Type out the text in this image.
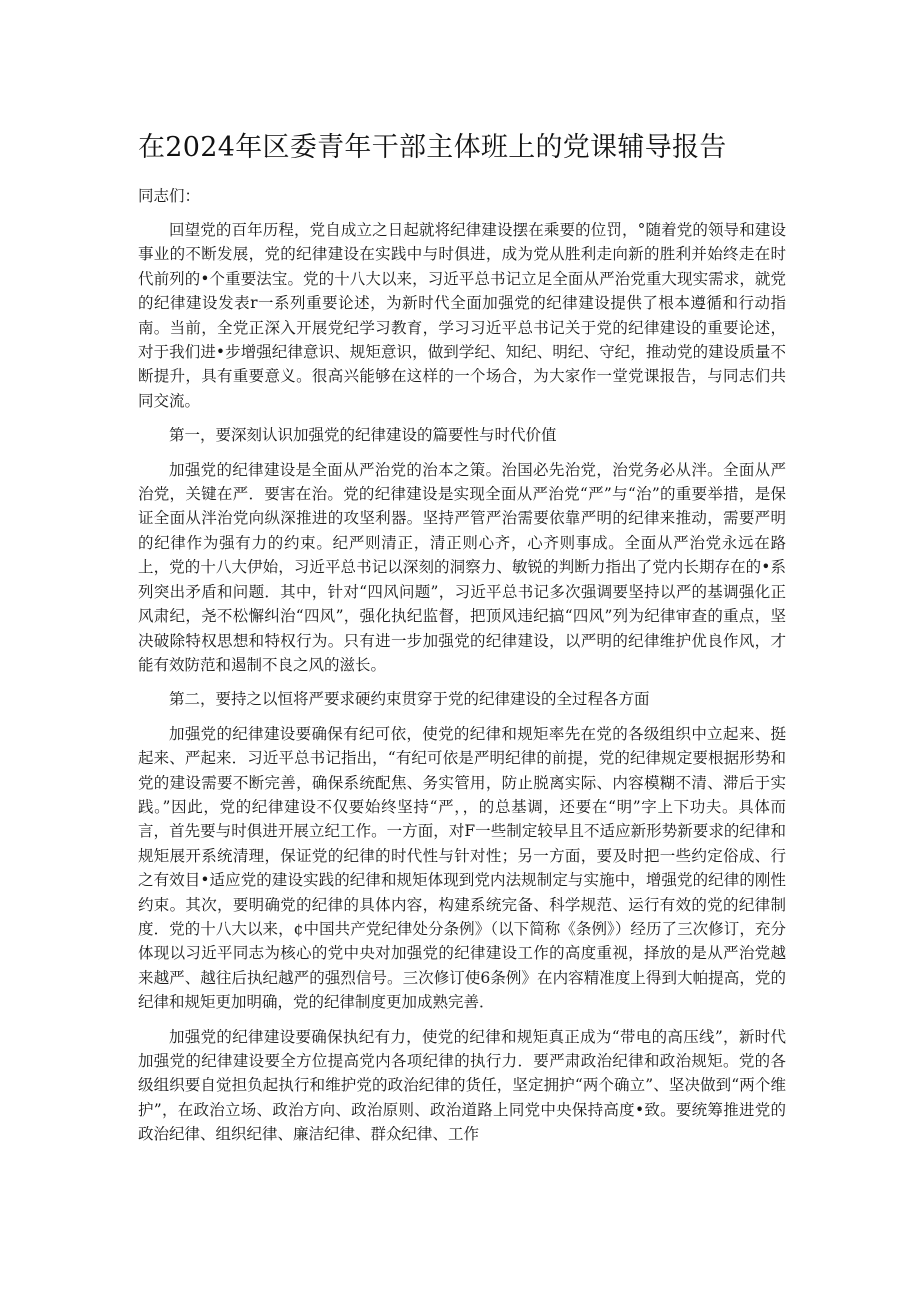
在2024年区委青年干部主体班上的党课辅导报告

同志们：

回望党的百年历程，党自成立之日起就将纪律建设摆在乘要的位罚，°随着党的领导和建设事业的不断发展，党的纪律建设在实践中与时俱进，成为党从胜利走向新的胜利并始终走在时代前列的•个重要法宝。党的十八大以来，习近平总书记立足全面从严治党重大现实需求，就党的纪律建设发表r一系列重要论述，为新时代全面加强党的纪律建设提供了根本遵循和行动指南。当前，全党正深入开展党纪学习教育，学习习近平总书记关于党的纪律建设的重要论述，对于我们进•步增强纪律意识、规矩意识，做到学纪、知纪、明纪、守纪，推动党的建设质量不断提升，具有重要意义。很高兴能够在这样的一个场合，为大家作一堂党课报告，与同志们共同交流。

第一，要深刻认识加强党的纪律建设的篇要性与时代价值

加强党的纪律建设是全面从严治党的治本之策。治国必先治党，治党务必从泮。全面从严治党，关键在严．要害在治。党的纪律建设是实现全面从严治党“严”与“治”的重要举措，是保证全面从泮治党向纵深推进的攻坚利器。坚持严管严治需要依靠严明的纪律来推动，需要严明的纪律作为强有力的约束。纪严则清正，清正则心齐，心齐则事成。全面从严治党永远在路上，党的十八大伊始，习近平总书记以深刻的洞察力、敏锐的判断力指出了党内长期存在的•系列突出矛盾和问题．其中，针对“四风问题”，习近平总书记多次强调要坚持以严的基调强化正风肃纪，尧不松懈纠治“四风”，强化执纪监督，把顶风违纪搞“四风”列为纪律审查的重点，坚决破除特权思想和特权行为。只有进一步加强党的纪律建设，以严明的纪律维护优良作风，才能有效防范和遏制不良之风的滋长。

第二，要持之以恒将严要求硬约束贯穿于党的纪律建设的全过程各方面

加强党的纪律建设要确保有纪可依，使党的纪律和规矩率先在党的各级组织中立起来、挺起来、严起来．习近平总书记指出，“有纪可依是严明纪律的前提，党的纪律规定要根据形势和党的建设需要不断完善，确保系统配焦、务实管用，防止脱离实际、内容模糊不清、滞后于实践。”因此，党的纪律建设不仅要始终坚持“严，，的总基调，还要在“明”字上下功夫。具体而言，首先要与时俱进开展立纪工作。一方面，对F一些制定较早且不适应新形势新要求的纪律和规矩展开系统清理，保证党的纪律的时代性与针对性；另一方面，要及时把一些约定俗成、行之有效目•适应党的建设实践的纪律和规矩体现到党内法规制定与实施中，增强党的纪律的刚性约束。其次，要明确党的纪律的具体内容，构建系统完备、科学规范、运行有效的党的纪律制度．党的十八大以来，¢中国共产党纪律处分条例》（以下简称《条例》）经历了三次修订，充分体现以习近平同志为核心的党中央对加强党的纪律建设工作的高度重视，择放的是从严治党越来越严、越往后执纪越严的强烈信号。三次修订使6条例》在内容精准度上得到大帕提高，党的纪律和规矩更加明确，党的纪律制度更加成熟完善．

加强党的纪律建设要确保执纪有力，使党的纪律和规矩真正成为“带电的高压线”，新时代加强党的纪律建设要全方位提高党内各项纪律的执行力．要严肃政治纪律和政治规矩。党的各级组织要自觉担负起执行和维护党的政治纪律的货任，坚定拥护“两个确立”、坚决做到“两个维护”，在政治立场、政治方向、政治原则、政治道路上同党中央保持高度•致。要统筹推进党的政治纪律、组织纪律、廉洁纪律、群众纪律、工作
